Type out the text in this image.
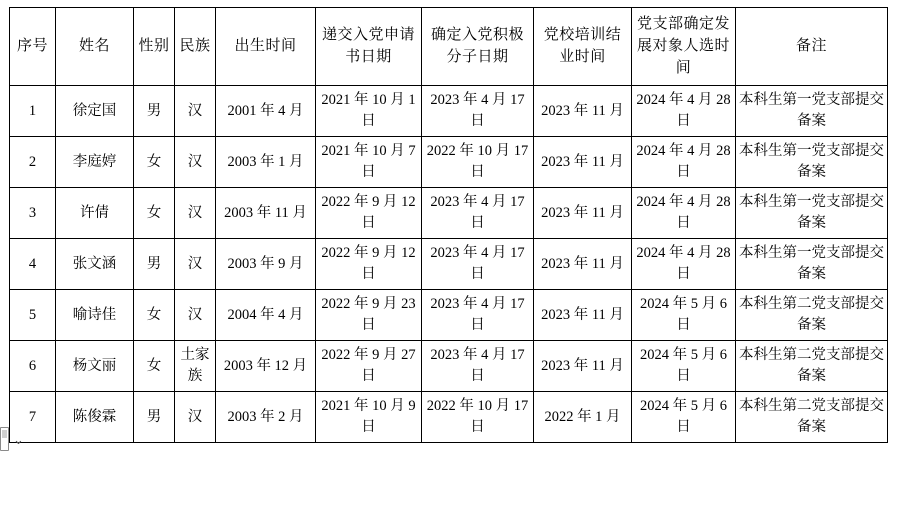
序号	姓名	性别	民族	出生时间	递交入党申请书日期	确定入党积极分子日期	党校培训结业时间	党支部确定发展对象人选时间	备注
1	徐定国	男	汉	2001 年 4 月	2021 年 10 月 1 日	2023 年 4 月 17 日	2023 年 11 月	2024 年 4 月 28 日	本科生第一党支部提交备案
2	李庭婷	女	汉	2003 年 1 月	2021 年 10 月 7 日	2022 年 10 月 17 日	2023 年 11 月	2024 年 4 月 28 日	本科生第一党支部提交备案
3	许倩	女	汉	2003 年 11 月	2022 年 9 月 12 日	2023 年 4 月 17 日	2023 年 11 月	2024 年 4 月 28 日	本科生第一党支部提交备案
4	张文涵	男	汉	2003 年 9 月	2022 年 9 月 12 日	2023 年 4 月 17 日	2023 年 11 月	2024 年 4 月 28 日	本科生第一党支部提交备案
5	喻诗佳	女	汉	2004 年 4 月	2022 年 9 月 23 日	2023 年 4 月 17 日	2023 年 11 月	2024 年 5 月 6 日	本科生第二党支部提交备案
6	杨文丽	女	土家族	2003 年 12 月	2022 年 9 月 27 日	2023 年 4 月 17 日	2023 年 11 月	2024 年 5 月 6 日	本科生第二党支部提交备案
7	陈俊霖	男	汉	2003 年 2 月	2021 年 10 月 9 日	2022 年 10 月 17 日	2022 年 1 月	2024 年 5 月 6 日	本科生第二党支部提交备案
⌄
